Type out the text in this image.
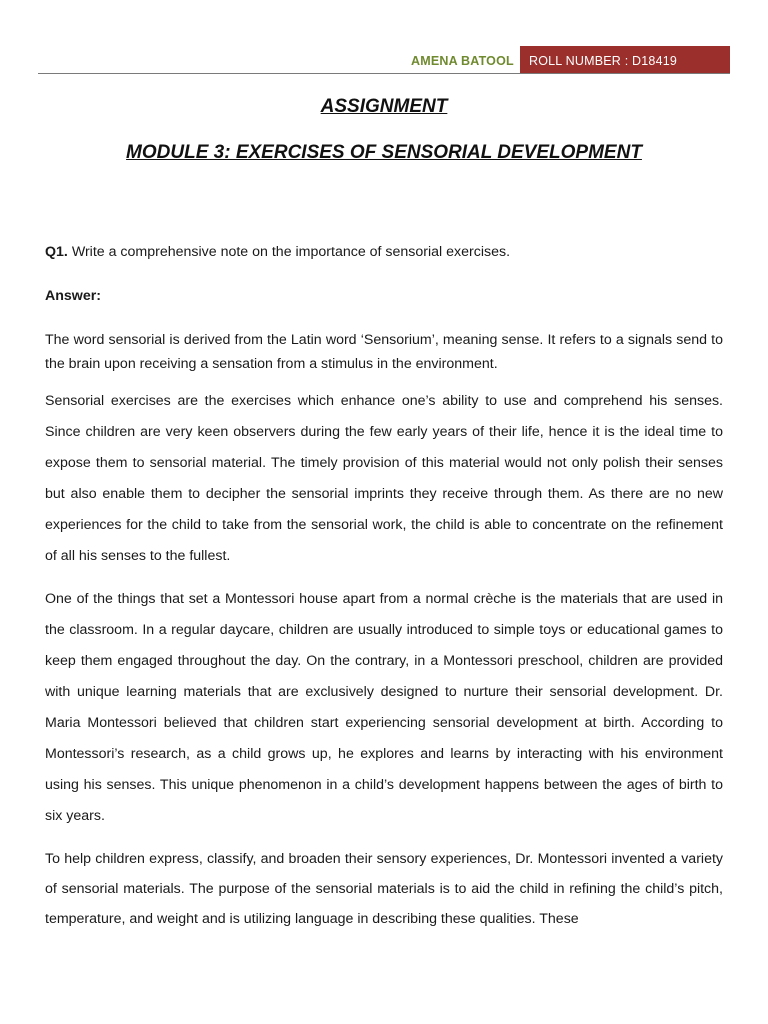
AMENA BATOOL	ROLL NUMBER : D18419
ASSIGNMENT
MODULE 3: EXERCISES OF SENSORIAL DEVELOPMENT
Q1. Write a comprehensive note on the importance of sensorial exercises.
Answer:
The word sensorial is derived from the Latin word ‘Sensorium’, meaning sense. It refers to a signals send to the brain upon receiving a sensation from a stimulus in the environment.
Sensorial exercises are the exercises which enhance one’s ability to use and comprehend his senses. Since children are very keen observers during the few early years of their life, hence it is the ideal time to expose them to sensorial material. The timely provision of this material would not only polish their senses but also enable them to decipher the sensorial imprints they receive through them. As there are no new experiences for the child to take from the sensorial work, the child is able to concentrate on the refinement of all his senses to the fullest.
One of the things that set a Montessori house apart from a normal crèche is the materials that are used in the classroom. In a regular daycare, children are usually introduced to simple toys or educational games to keep them engaged throughout the day. On the contrary, in a Montessori preschool, children are provided with unique learning materials that are exclusively designed to nurture their sensorial development. Dr. Maria Montessori believed that children start experiencing sensorial development at birth. According to Montessori’s research, as a child grows up, he explores and learns by interacting with his environment using his senses. This unique phenomenon in a child’s development happens between the ages of birth to six years.
To help children express, classify, and broaden their sensory experiences, Dr. Montessori invented a variety of sensorial materials. The purpose of the sensorial materials is to aid the child in refining the child’s pitch, temperature, and weight and is utilizing language in describing these qualities. These
